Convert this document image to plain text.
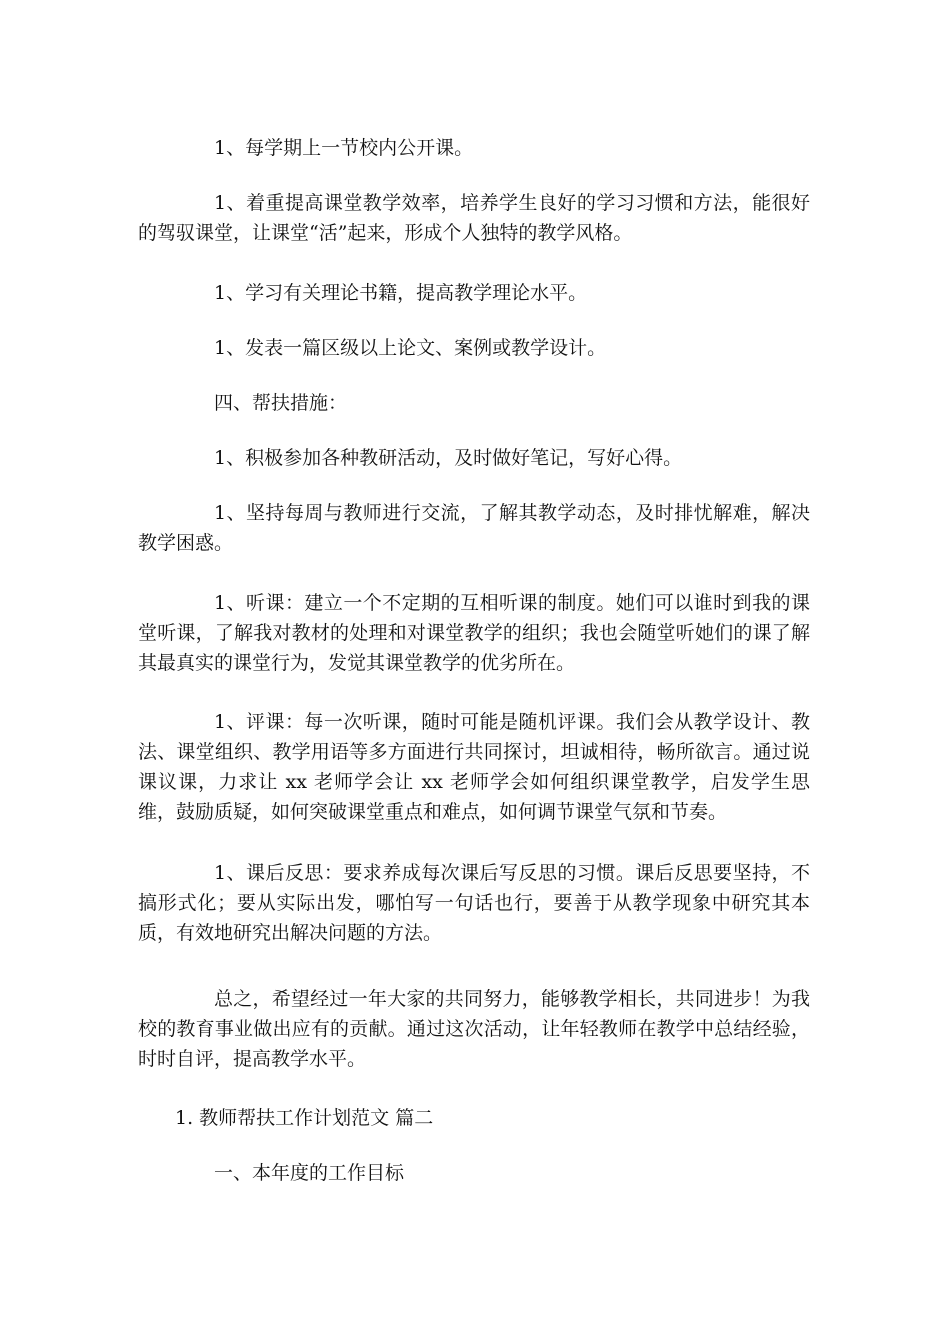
1、每学期上一节校内公开课。

1、着重提高课堂教学效率，培养学生良好的学习习惯和方法，能很好的驾驭课堂，让课堂“活”起来，形成个人独特的教学风格。

1、学习有关理论书籍，提高教学理论水平。

1、发表一篇区级以上论文、案例或教学设计。

四、帮扶措施：

1、积极参加各种教研活动，及时做好笔记，写好心得。

1、坚持每周与教师进行交流，了解其教学动态，及时排忧解难，解决教学困惑。

1、听课：建立一个不定期的互相听课的制度。她们可以谁时到我的课堂听课，了解我对教材的处理和对课堂教学的组织；我也会随堂听她们的课了解其最真实的课堂行为，发觉其课堂教学的优劣所在。

1、评课：每一次听课，随时可能是随机评课。我们会从教学设计、教法、课堂组织、教学用语等多方面进行共同探讨，坦诚相待，畅所欲言。通过说课议课，力求让 xx 老师学会让 xx 老师学会如何组织课堂教学，启发学生思维，鼓励质疑，如何突破课堂重点和难点，如何调节课堂气氛和节奏。

1、课后反思：要求养成每次课后写反思的习惯。课后反思要坚持，不搞形式化；要从实际出发，哪怕写一句话也行，要善于从教学现象中研究其本质，有效地研究出解决问题的方法。

总之，希望经过一年大家的共同努力，能够教学相长，共同进步！为我校的教育事业做出应有的贡献。通过这次活动，让年轻教师在教学中总结经验，时时自评，提高教学水平。

1. 教师帮扶工作计划范文 篇二

一、本年度的工作目标
